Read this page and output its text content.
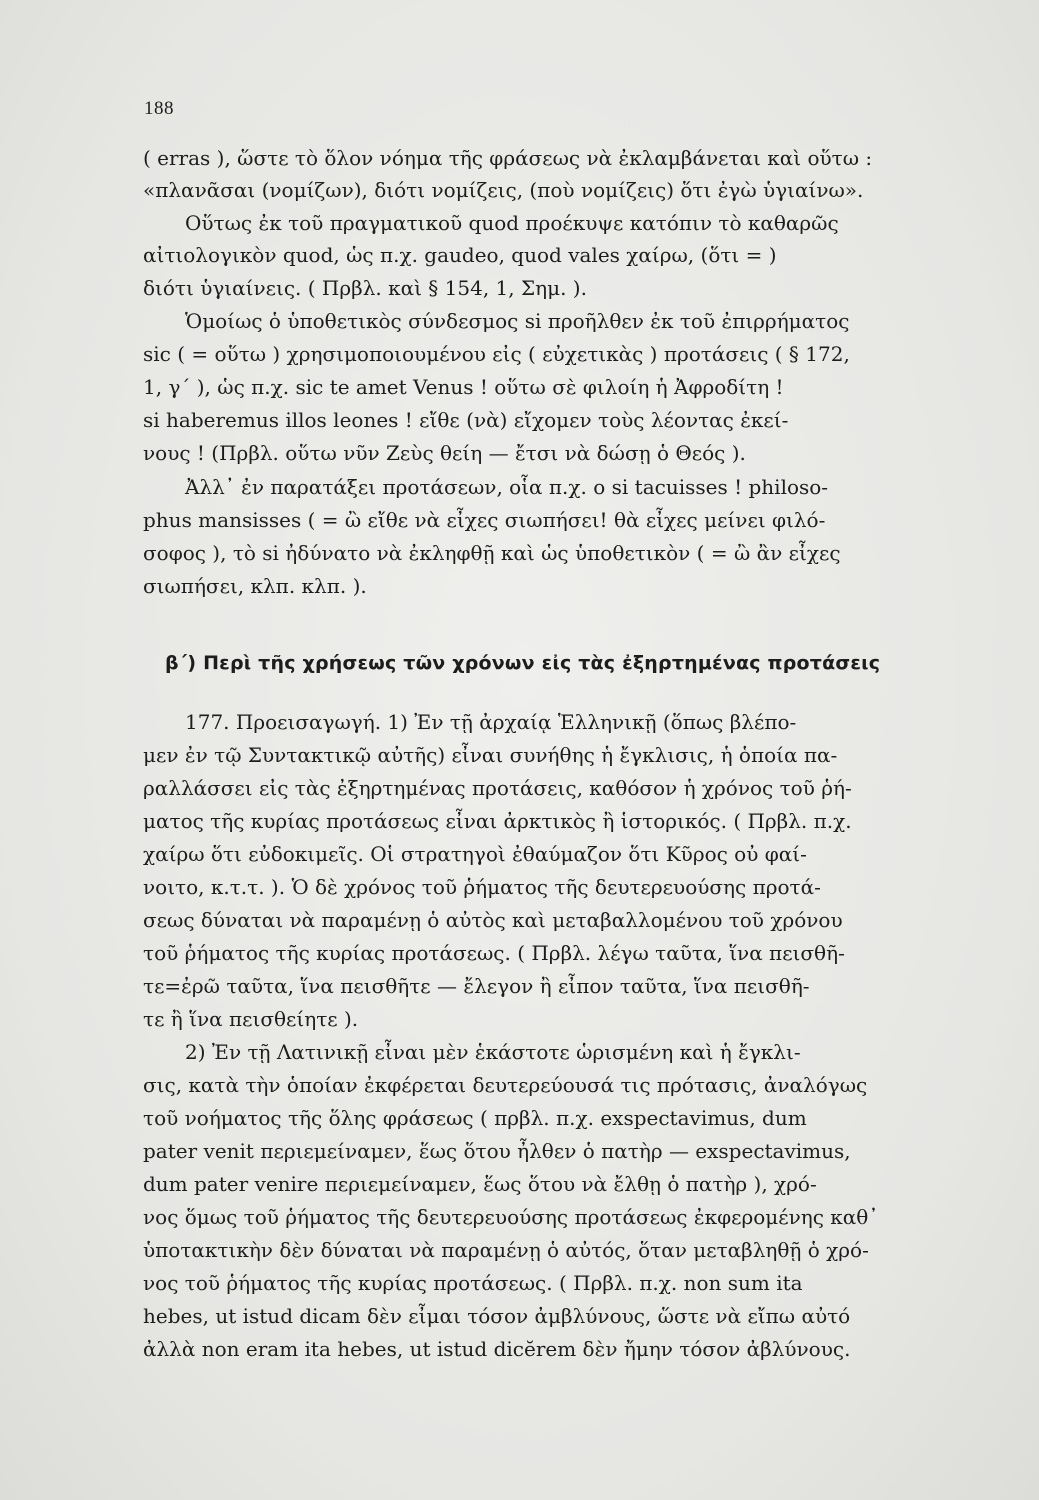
188
( erras ), ὥστε τὸ ὅλον νόημα τῆς φράσεως νὰ ἐκλαμβάνεται καὶ οὕτω :
«πλανᾶσαι (νομίζων), διότι νομίζεις, (ποὺ νομίζεις) ὅτι ἐγὼ ὑγιαίνω».
Οὕτως ἐκ τοῦ πραγματικοῦ quod προέκυψε κατόπιν τὸ καθαρῶς
αἰτιολογικὸν quod, ὡς π.χ. gaudeo, quod vales χαίρω, (ὅτι = )
διότι ὑγιαίνεις. ( Πρβλ. καὶ § 154, 1, Σημ. ).
Ὁμοίως ὁ ὑποθετικὸς σύνδεσμος si προῆλθεν ἐκ τοῦ ἐπιρρήματος
sic ( = οὕτω ) χρησιμοποιουμένου εἰς ( εὐχετικὰς ) προτάσεις ( § 172,
1, γ΄ ), ὡς π.χ. sic te amet Venus ! οὕτω σὲ φιλοίη ἡ Ἀφροδίτη !
si haberemus illos leones ! εἴθε (νὰ) εἴχομεν τοὺς λέοντας ἐκεί-
νους ! (Πρβλ. οὕτω νῦν Ζεὺς θείη — ἔτσι νὰ δώσῃ ὁ Θεός ).
Ἀλλ᾽ ἐν παρατάξει προτάσεων, οἷα π.χ. o si tacuisses ! philoso-
phus mansisses ( = ὢ εἴθε νὰ εἶχες σιωπήσει! θὰ εἶχες μείνει φιλό-
σοφος ), τὸ si ἠδύνατο νὰ ἐκληφθῇ καὶ ὡς ὑποθετικὸν ( = ὢ ἂν εἶχες
σιωπήσει, κλπ. κλπ. ).
β΄) Περὶ τῆς χρήσεως τῶν χρόνων εἰς τὰς ἐξηρτημένας προτάσεις
177. Προεισαγωγή. 1) Ἐν τῇ ἀρχαίᾳ Ἑλληνικῇ (ὅπως βλέπο-
μεν ἐν τῷ Συντακτικῷ αὐτῆς) εἶναι συνήθης ἡ ἔγκλισις, ἡ ὁποία πα-
ραλλάσσει εἰς τὰς ἐξηρτημένας προτάσεις, καθόσον ἡ χρόνος τοῦ ῥή-
ματος τῆς κυρίας προτάσεως εἶναι ἀρκτικὸς ἢ ἱστορικός. ( Πρβλ. π.χ.
χαίρω ὅτι εὐδοκιμεῖς. Οἱ στρατηγοὶ ἐθαύμαζον ὅτι Κῦρος οὐ φαί-
νοιτο, κ.τ.τ. ). Ὁ δὲ χρόνος τοῦ ῥήματος τῆς δευτερευούσης προτά-
σεως δύναται νὰ παραμένῃ ὁ αὐτὸς καὶ μεταβαλλομένου τοῦ χρόνου
τοῦ ῥήματος τῆς κυρίας προτάσεως. ( Πρβλ. λέγω ταῦτα, ἵνα πεισθῆ-
τε=ἐρῶ ταῦτα, ἵνα πεισθῆτε — ἔλεγον ἢ εἶπον ταῦτα, ἵνα πεισθῆ-
τε ἢ ἵνα πεισθείητε ).
2) Ἐν τῇ Λατινικῇ εἶναι μὲν ἑκάστοτε ὡρισμένη καὶ ἡ ἔγκλι-
σις, κατὰ τὴν ὁποίαν ἐκφέρεται δευτερεύουσά τις πρότασις, ἀναλόγως
τοῦ νοήματος τῆς ὅλης φράσεως ( πρβλ. π.χ. exspectavimus, dum
pater venit περιεμείναμεν, ἕως ὅτου ἦλθεν ὁ πατὴρ — exspectavimus,
dum pater venire περιεμείναμεν, ἕως ὅτου νὰ ἔλθῃ ὁ πατὴρ ), χρό-
νος ὅμως τοῦ ῥήματος τῆς δευτερευούσης προτάσεως ἐκφερομένης καθ᾽
ὑποτακτικὴν δὲν δύναται νὰ παραμένῃ ὁ αὐτός, ὅταν μεταβληθῇ ὁ χρό-
νος τοῦ ῥήματος τῆς κυρίας προτάσεως. ( Πρβλ. π.χ. non sum ita
hebes, ut istud dicam δὲν εἶμαι τόσον ἀμβλύνους, ὥστε νὰ εἴπω αὐτό
ἀλλὰ non eram ita hebes, ut istud dicĕrem δὲν ἤμην τόσον ἀβλύνους.
